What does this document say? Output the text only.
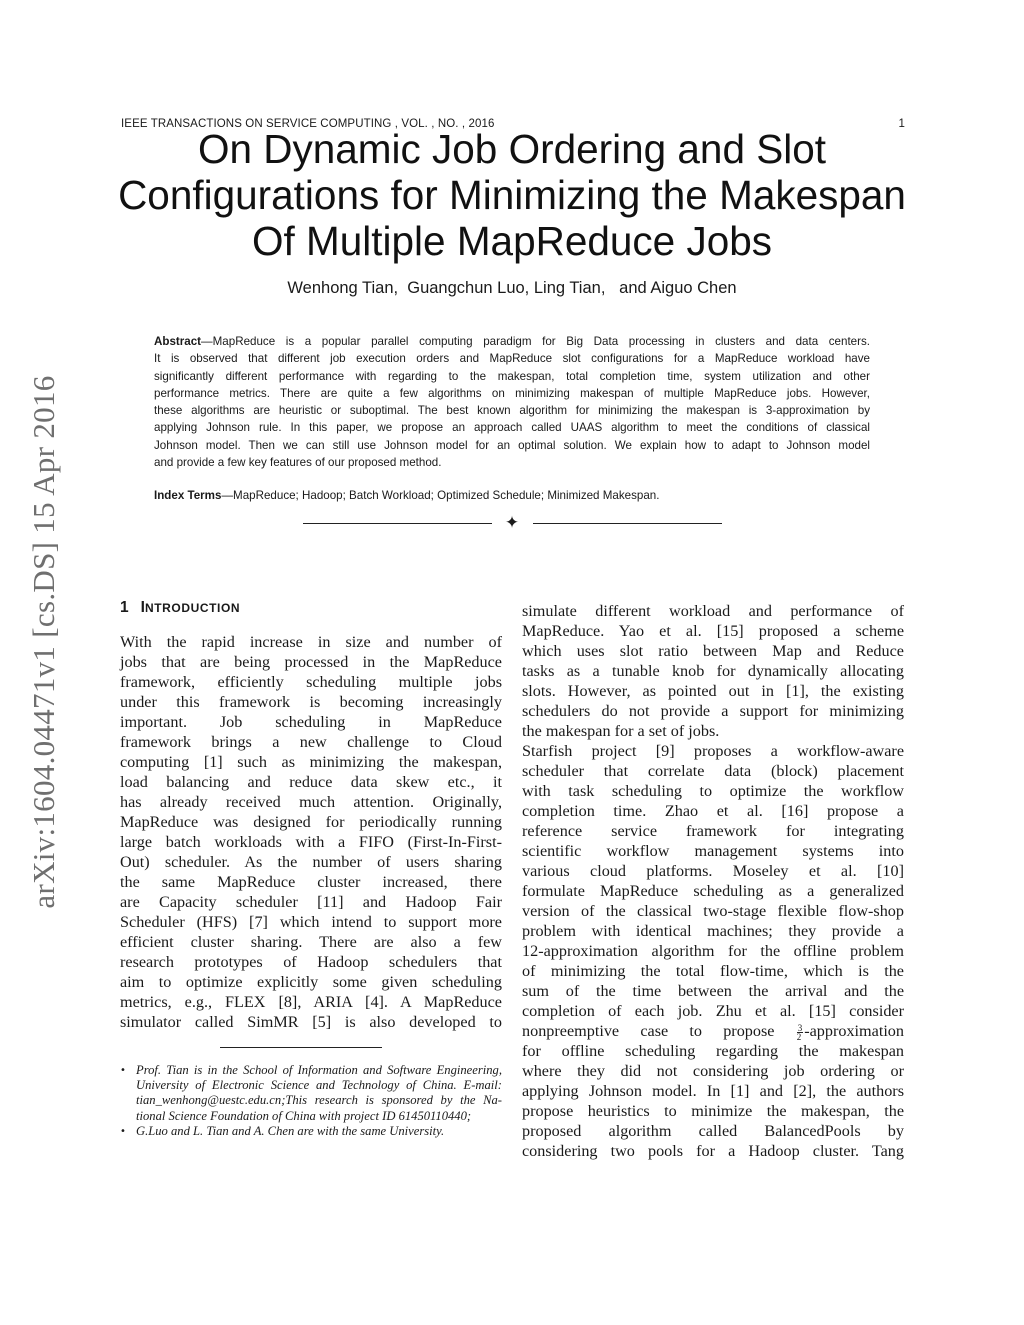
IEEE TRANSACTIONS ON SERVICE COMPUTING , VOL. , NO. , 2016	1
On Dynamic Job Ordering and Slot
Configurations for Minimizing the Makespan
Of Multiple MapReduce Jobs
Wenhong Tian,  Guangchun Luo, Ling Tian,   and Aiguo Chen
Abstract—MapReduce is a popular parallel computing paradigm for Big Data processing in clusters and data centers.
It is observed that different job execution orders and MapReduce slot configurations for a MapReduce workload have
significantly different performance with regarding to the makespan, total completion time, system utilization and other
performance metrics. There are quite a few algorithms on minimizing makespan of multiple MapReduce jobs. However,
these algorithms are heuristic or suboptimal. The best known algorithm for minimizing the makespan is 3-approximation by
applying Johnson rule. In this paper, we propose an approach called UAAS algorithm to meet the conditions of classical
Johnson model. Then we can still use Johnson model for an optimal solution. We explain how to adapt to Johnson model
and provide a few key features of our proposed method.
Index Terms—MapReduce; Hadoop; Batch Workload; Optimized Schedule; Minimized Makespan.
✦
arXiv:1604.04471v1 [cs.DS] 15 Apr 2016	1 INTRODUCTION
With the rapid increase in size and number of
jobs that are being processed in the MapReduce
framework, efficiently scheduling multiple jobs
under this framework is becoming increasingly
important. Job scheduling in MapReduce
framework brings a new challenge to Cloud
computing [1] such as minimizing the makespan,
load balancing and reduce data skew etc., it
has already received much attention. Originally,
MapReduce was designed for periodically running
large batch workloads with a FIFO (First-In-First-
Out) scheduler. As the number of users sharing
the same MapReduce cluster increased, there
are Capacity scheduler [11] and Hadoop Fair
Scheduler (HFS) [7] which intend to support more
efficient cluster sharing. There are also a few
research prototypes of Hadoop schedulers that
aim to optimize explicitly some given scheduling
metrics, e.g., FLEX [8], ARIA [4]. A MapReduce
simulator called SimMR [5] is also developed to
simulate different workload and performance of
MapReduce. Yao et al. [15] proposed a scheme
which uses slot ratio between Map and Reduce
tasks as a tunable knob for dynamically allocating
slots. However, as pointed out in [1], the existing
schedulers do not provide a support for minimizing
the makespan for a set of jobs.
Starfish project [9] proposes a workflow-aware
scheduler that correlate data (block) placement
with task scheduling to optimize the workflow
completion time. Zhao et al. [16] propose a
reference service framework for integrating
scientific workflow management systems into
various cloud platforms. Moseley et al. [10]
formulate MapReduce scheduling as a generalized
version of the classical two-stage flexible flow-shop
problem with identical machines; they provide a
12-approximation algorithm for the offline problem
of minimizing the total flow-time, which is the
sum of the time between the arrival and the
completion of each job. Zhu et al. [15] consider
nonpreemptive case to propose $\frac{3}{2}$ -approximation
for offline scheduling regarding the makespan
where they did not considering job ordering or
applying Johnson model. In [1] and [2], the authors
propose heuristics to minimize the makespan, the
proposed algorithm called BalancedPools by
considering two pools for a Hadoop cluster. Tang
• Prof. Tian is in the School of Information and Software Engineering,
University of Electronic Science and Technology of China. E-mail:
tian_wenhong@uestc.edu.cn;This research is sponsored by the Na-
tional Science Foundation of China with project ID 61450110440;
• G.Luo and L. Tian and A. Chen are with the same University.
